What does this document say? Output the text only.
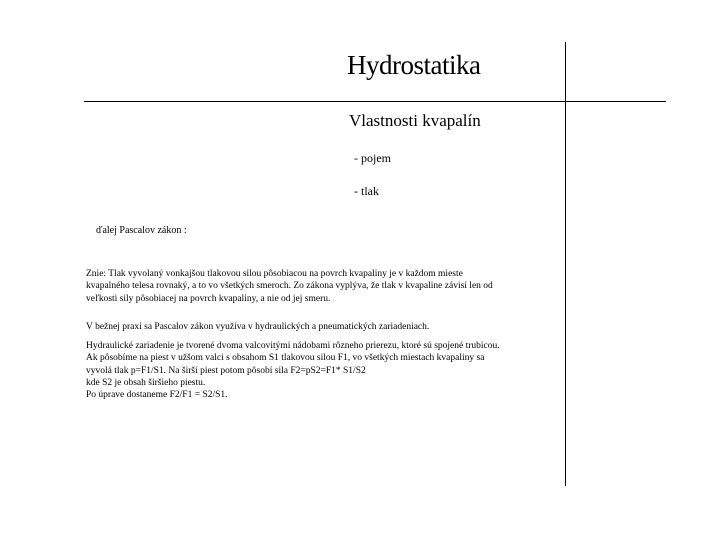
Hydrostatika
Vlastnosti kvapalín
- pojem
- tlak
ďalej Pascalov zákon :
Znie: Tlak vyvolaný vonkajšou tlakovou silou pôsobiacou na povrch kvapaliny je v každom mieste
kvapalného telesa rovnaký, a to vo všetkých smeroch. Zo zákona vyplýva, že tlak v kvapaline závisí len od
veľkosti sily pôsobiacej na povrch kvapaliny, a nie od jej smeru.
V bežnej praxi sa Pascalov zákon využíva v hydraulických a pneumatických zariadeniach.
Hydraulické zariadenie je tvorené dvoma valcovitými nádobami rôzneho prierezu, ktoré sú spojené trubicou.
Ak pôsobíme na piest v užšom valci s obsahom S1 tlakovou silou F1, vo všetkých miestach kvapaliny sa
vyvolá tlak p=F1/S1. Na širší piest potom pôsobí sila F2=pS2=F1* S1/S2
kde S2 je obsah širšieho piestu.
Po úprave dostaneme F2/F1 = S2/S1.
